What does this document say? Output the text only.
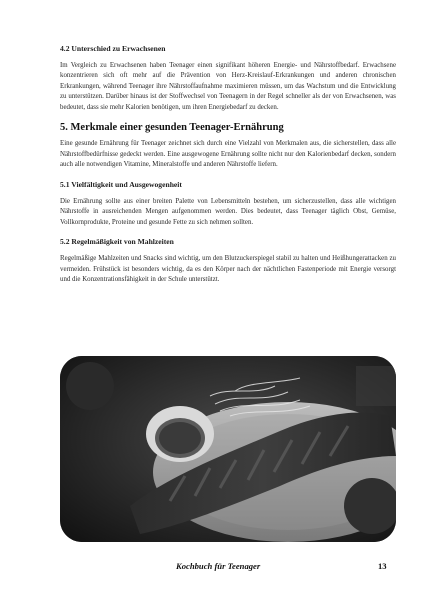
4.2 Unterschied zu Erwachsenen

Im Vergleich zu Erwachsenen haben Teenager einen signifikant höheren Energie- und Nährstoffbedarf. Erwachsene konzentrieren sich oft mehr auf die Prävention von Herz-Kreislauf-Erkrankungen und anderen chronischen Erkrankungen, während Teenager ihre Nährstoffaufnahme maximieren müssen, um das Wachstum und die Entwicklung zu unterstützen. Darüber hinaus ist der Stoffwechsel von Teenagern in der Regel schneller als der von Erwachsenen, was bedeutet, dass sie mehr Kalorien benötigen, um ihren Energiebedarf zu decken.

5. Merkmale einer gesunden Teenager-Ernährung

Eine gesunde Ernährung für Teenager zeichnet sich durch eine Vielzahl von Merkmalen aus, die sicherstellen, dass alle Nährstoffbedürfnisse gedeckt werden. Eine ausgewogene Ernährung sollte nicht nur den Kalorienbedarf decken, sondern auch alle notwendigen Vitamine, Mineralstoffe und anderen Nährstoffe liefern.

5.1 Vielfältigkeit und Ausgewogenheit

Die Ernährung sollte aus einer breiten Palette von Lebensmitteln bestehen, um sicherzustellen, dass alle wichtigen Nährstoffe in ausreichenden Mengen aufgenommen werden. Dies bedeutet, dass Teenager täglich Obst, Gemüse, Vollkornprodukte, Proteine und gesunde Fette zu sich nehmen sollten.

5.2 Regelmäßigkeit von Mahlzeiten

Regelmäßige Mahlzeiten und Snacks sind wichtig, um den Blutzuckerspiegel stabil zu halten und Heißhungerattacken zu vermeiden. Frühstück ist besonders wichtig, da es den Körper nach der nächtlichen Fastenperiode mit Energie versorgt und die Konzentrationsfähigkeit in der Schule unterstützt.

Kochbuch für Teenager	13
